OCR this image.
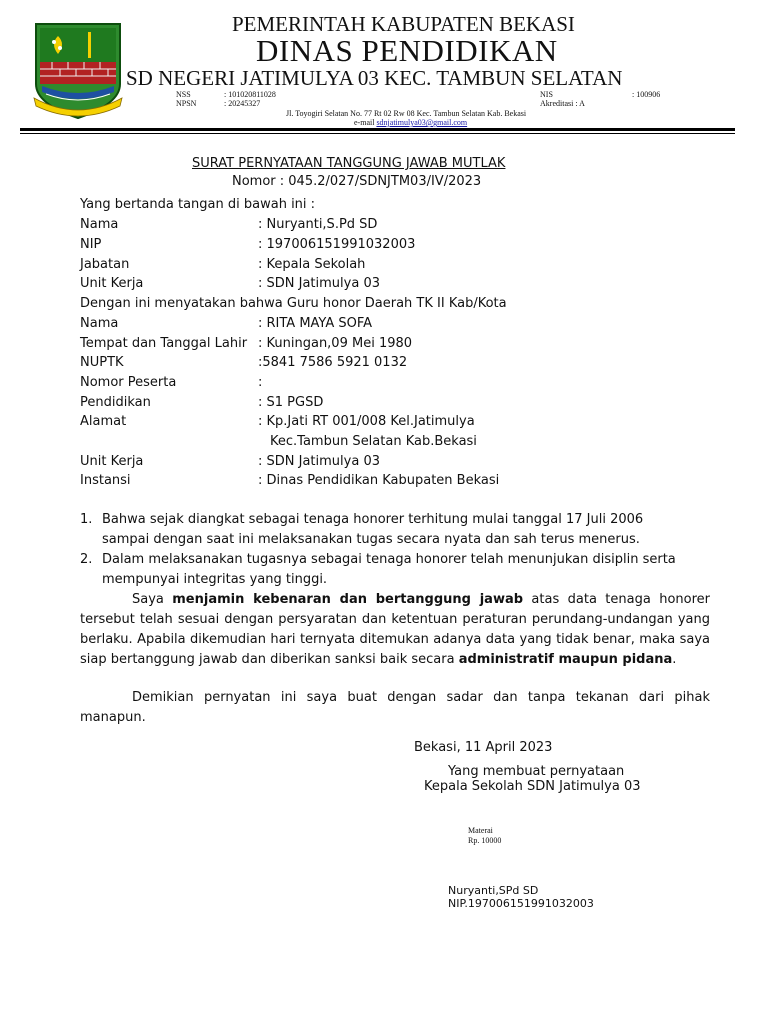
PEMERINTAH KABUPATEN BEKASI
DINAS PENDIDIKAN
SD NEGERI JATIMULYA 03 KEC. TAMBUN SELATAN
NSS	: 101020811028
NPSN	: 20245327
NIS	: 100906
Akreditasi : A
Jl. Toyogiri Selatan No. 77 Rt 02 Rw 08 Kec. Tambun Selatan Kab. Bekasi
e-mail sdnjatimulya03@gmail.com
SURAT PERNYATAAN TANGGUNG JAWAB MUTLAK
Nomor : 045.2/027/SDNJTM03/IV/2023
Yang bertanda tangan di bawah ini :
Nama	: Nuryanti,S.Pd SD
NIP	: 197006151991032003
Jabatan	: Kepala Sekolah
Unit Kerja	: SDN Jatimulya 03
Dengan ini menyatakan bahwa Guru honor Daerah TK II Kab/Kota
Nama	: RITA MAYA SOFA
Tempat dan Tanggal Lahir : Kuningan,09 Mei 1980
NUPTK	:5841 7586 5921 0132
Nomor Peserta	:
Pendidikan	: S1 PGSD
Alamat	: Kp.Jati RT 001/008 Kel.Jatimulya
Kec.Tambun Selatan Kab.Bekasi
Unit Kerja	: SDN Jatimulya 03
Instansi	: Dinas Pendidikan Kabupaten Bekasi
1. Bahwa sejak diangkat sebagai tenaga honorer terhitung mulai tanggal 17 Juli 2006
sampai dengan saat ini melaksanakan tugas secara nyata dan sah terus menerus.
2. Dalam melaksanakan tugasnya sebagai tenaga honorer telah menunjukan disiplin serta
mempunyai integritas yang tinggi.
Saya menjamin kebenaran dan bertanggung jawab atas data tenaga honorer tersebut telah sesuai dengan persyaratan dan ketentuan peraturan perundang-undangan yang berlaku. Apabila dikemudian hari ternyata ditemukan adanya data yang tidak benar, maka saya siap bertanggung jawab dan diberikan sanksi baik secara administratif maupun pidana.
Demikian pernyatan ini saya buat dengan sadar dan tanpa tekanan dari pihak manapun.
Bekasi, 11 April 2023
Yang membuat pernyataan
Kepala Sekolah SDN Jatimulya 03
Materai
Rp. 10000
Nuryanti,SPd SD
NIP.197006151991032003
